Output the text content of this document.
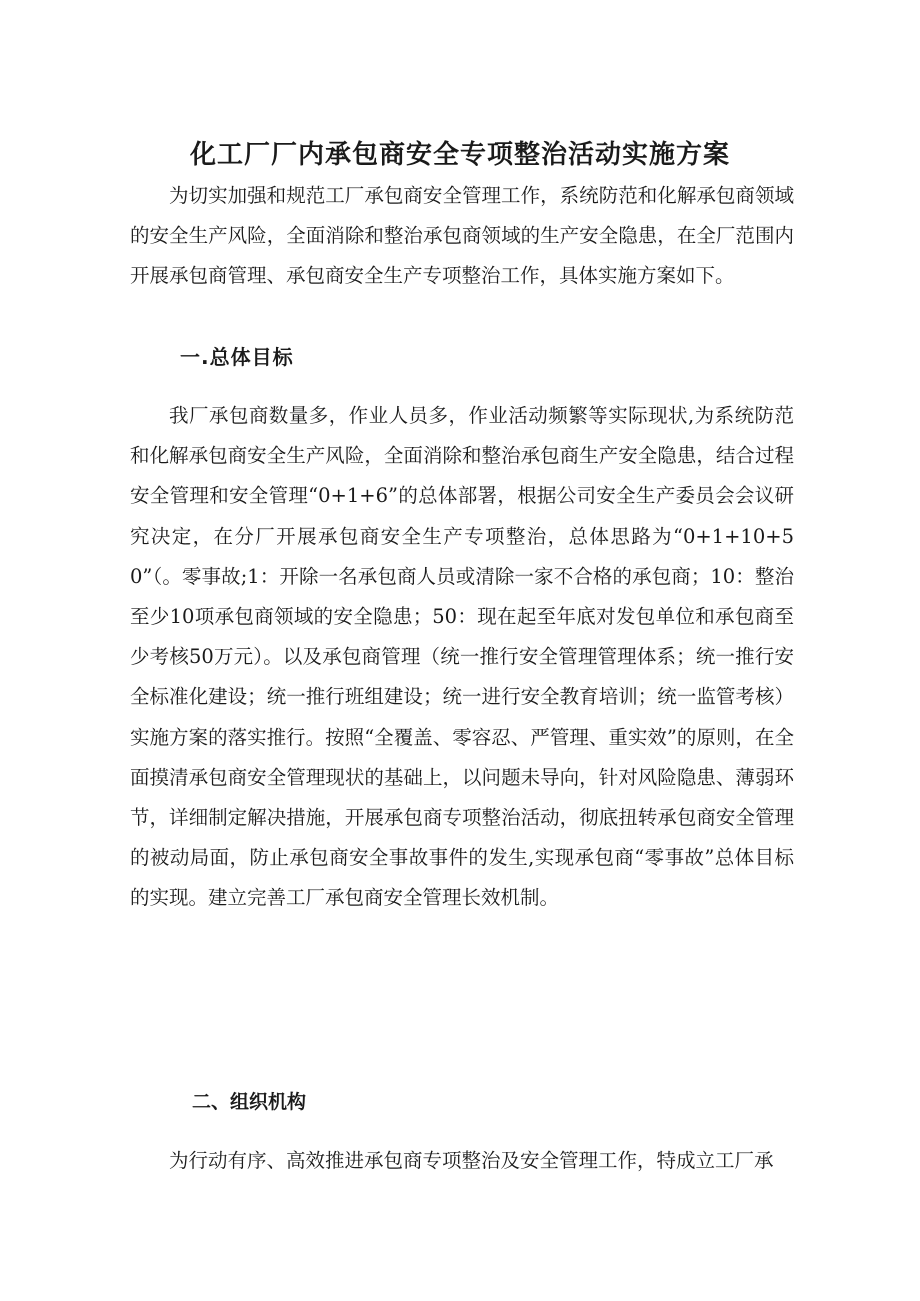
化工厂厂内承包商安全专项整治活动实施方案

为切实加强和规范工厂承包商安全管理工作，系统防范和化解承包商领域的安全生产风险，全面消除和整治承包商领域的生产安全隐患，在全厂范围内开展承包商管理、承包商安全生产专项整治工作，具体实施方案如下。

一.总体目标

我厂承包商数量多，作业人员多，作业活动频繁等实际现状,为系统防范和化解承包商安全生产风险，全面消除和整治承包商生产安全隐患，结合过程安全管理和安全管理“0+1+6”的总体部署，根据公司安全生产委员会会议研究决定，在分厂开展承包商安全生产专项整治，总体思路为“0+1+10+50”（。零事故;1：开除一名承包商人员或清除一家不合格的承包商；10：整治至少10项承包商领域的安全隐患；50：现在起至年底对发包单位和承包商至少考核50万元）。以及承包商管理（统一推行安全管理管理体系；统一推行安全标准化建设；统一推行班组建设；统一进行安全教育培训；统一监管考核）实施方案的落实推行。按照“全覆盖、零容忍、严管理、重实效”的原则，在全面摸清承包商安全管理现状的基础上，以问题未导向，针对风险隐患、薄弱环节，详细制定解决措施，开展承包商专项整治活动，彻底扭转承包商安全管理的被动局面，防止承包商安全事故事件的发生,实现承包商“零事故”总体目标的实现。建立完善工厂承包商安全管理长效机制。

二、组织机构

为行动有序、高效推进承包商专项整治及安全管理工作，特成立工厂承
